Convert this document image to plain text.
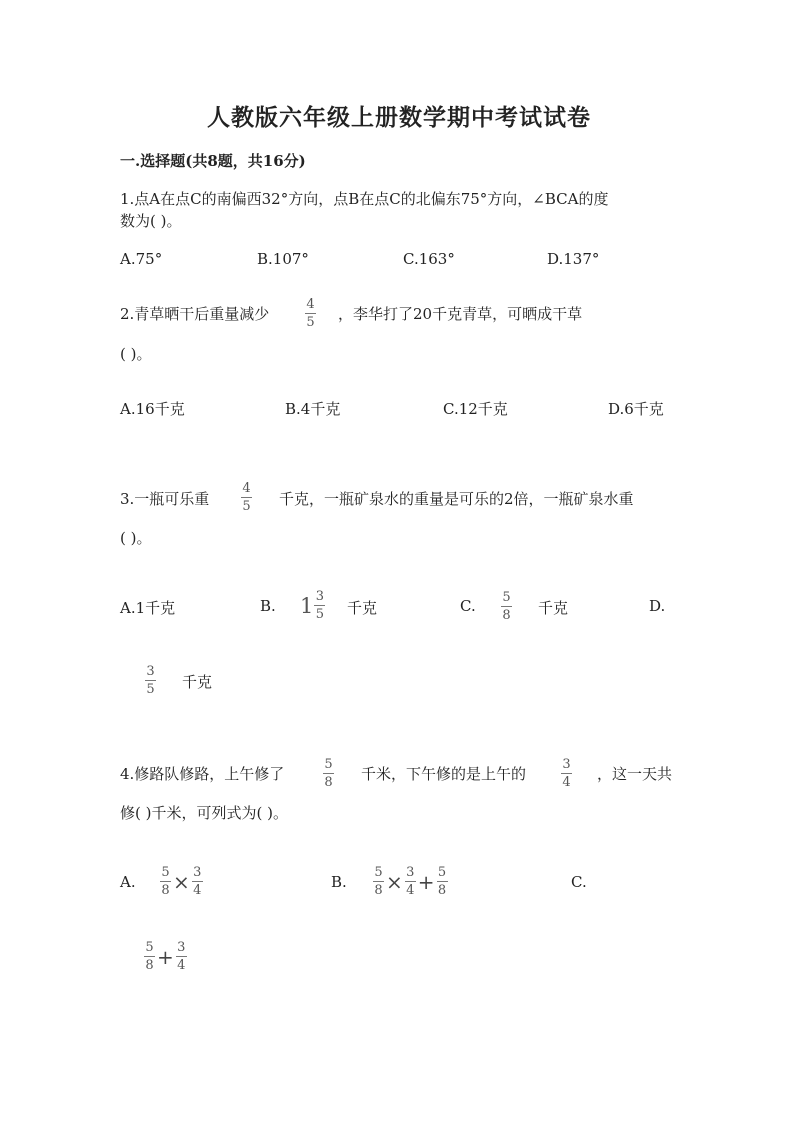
人教版六年级上册数学期中考试试卷
一.选择题(共8题，共16分)
1.点A在点C的南偏西32°方向，点B在点C的北偏东75°方向，∠BCA的度
数为( )。
A.75°	B.107°	C.163°	D.137°
2.青草晒干后重量减少
4
5 ，李华打了20千克青草，可晒成干草
( )。
A.16千克	B.4千克	C.12千克	D.6千克
3.一瓶可乐重
4
5 千克，一瓶矿泉水的重量是可乐的2倍，一瓶矿泉水重
( )。
A.1千克	B. $1 \frac{3}{5}$ 千克	C. 5
8 千克	D.
3
5 千克
4.修路队修路，上午修了
5
8 千米，下午修的是上午的
3
4 ，这一天共
修( )千米，可列式为( )。
A. $\frac{5}{8} \times \frac{3}{4}$	B. $\frac{5}{8} \times \frac{3}{4} + \frac{5}{8}$	C.
$\frac{5}{8} + \frac{3}{4}$
